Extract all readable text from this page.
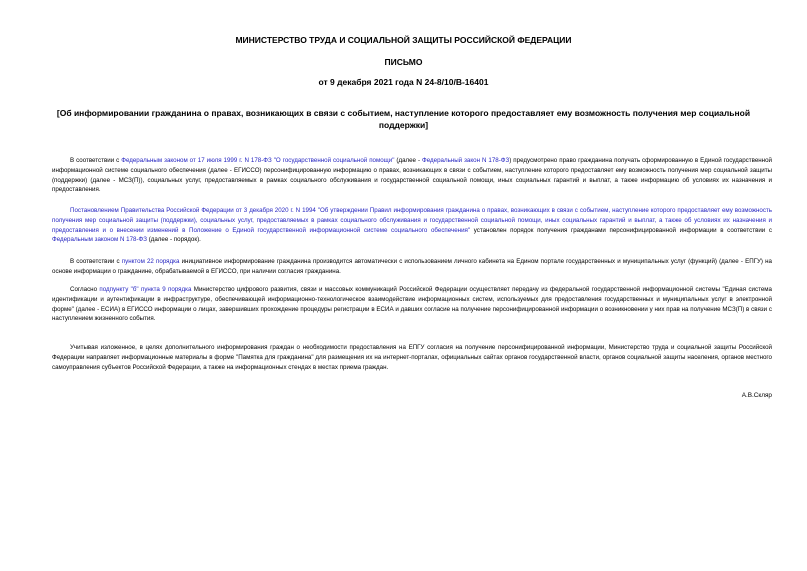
МИНИСТЕРСТВО ТРУДА И СОЦИАЛЬНОЙ ЗАЩИТЫ РОССИЙСКОЙ ФЕДЕРАЦИИ
ПИСЬМО
от 9 декабря 2021 года N 24-8/10/В-16401
[Об информировании гражданина о правах, возникающих в связи с событием, наступление которого предоставляет ему возможность получения мер социальной поддержки]

В соответствии с Федеральным законом от 17 июля 1999 г. N 178-ФЗ "О государственной социальной помощи" (далее - Федеральный закон N 178-ФЗ) предусмотрено право гражданина получать сформированную в Единой государственной информационной системе социального обеспечения (далее - ЕГИССО) персонифицированную информацию о правах, возникающих в связи с событием, наступление которого предоставляет ему возможность получения мер социальной защиты (поддержки) (далее - МСЗ(П)), социальных услуг, предоставляемых в рамках социального обслуживания и государственной социальной помощи, иных социальных гарантий и выплат, а также информацию об условиях их назначения и предоставления.

Постановлением Правительства Российской Федерации от 3 декабря 2020 г. N 1994 "Об утверждении Правил информирования гражданина о правах, возникающих в связи с событием, наступление которого предоставляет ему возможность получения мер социальной защиты (поддержки), социальных услуг, предоставляемых в рамках социального обслуживания и государственной социальной помощи, иных социальных гарантий и выплат, а также об условиях их назначения и предоставления и о внесении изменений в Положение о Единой государственной информационной системе социального обеспечения" установлен порядок получения гражданами персонифицированной информации в соответствии с Федеральным законом N 178-ФЗ (далее - порядок).

В соответствии с пунктом 22 порядка инициативное информирование гражданина производится автоматически с использованием личного кабинета на Едином портале государственных и муниципальных услуг (функций) (далее - ЕПГУ) на основе информации о гражданине, обрабатываемой в ЕГИССО, при наличии согласия гражданина.

Согласно подпункту "б" пункта 9 порядка Министерство цифрового развития, связи и массовых коммуникаций Российской Федерации осуществляет передачу из федеральной государственной информационной системы "Единая система идентификации и аутентификации в инфраструктуре, обеспечивающей информационно-технологическое взаимодействие информационных систем, используемых для предоставления государственных и муниципальных услуг в электронной форме" (далее - ЕСИА) в ЕГИССО информации о лицах, завершивших прохождение процедуры регистрации в ЕСИА и давших согласие на получение персонифицированной информации о возникновении у них прав на получение МСЗ(П) в связи с наступлением жизненного события.

Учитывая изложенное, в целях дополнительного информирования граждан о необходимости предоставления на ЕПГУ согласия на получение персонифицированной информации, Министерство труда и социальной защиты Российской Федерации направляет информационные материалы в форме "Памятка для гражданина" для размещения их на интернет-порталах, официальных сайтах органов государственной власти, органов социальной защиты населения, органов местного самоуправления субъектов Российской Федерации, а также на информационных стендах в местах приема граждан.

А.В.Скляр
